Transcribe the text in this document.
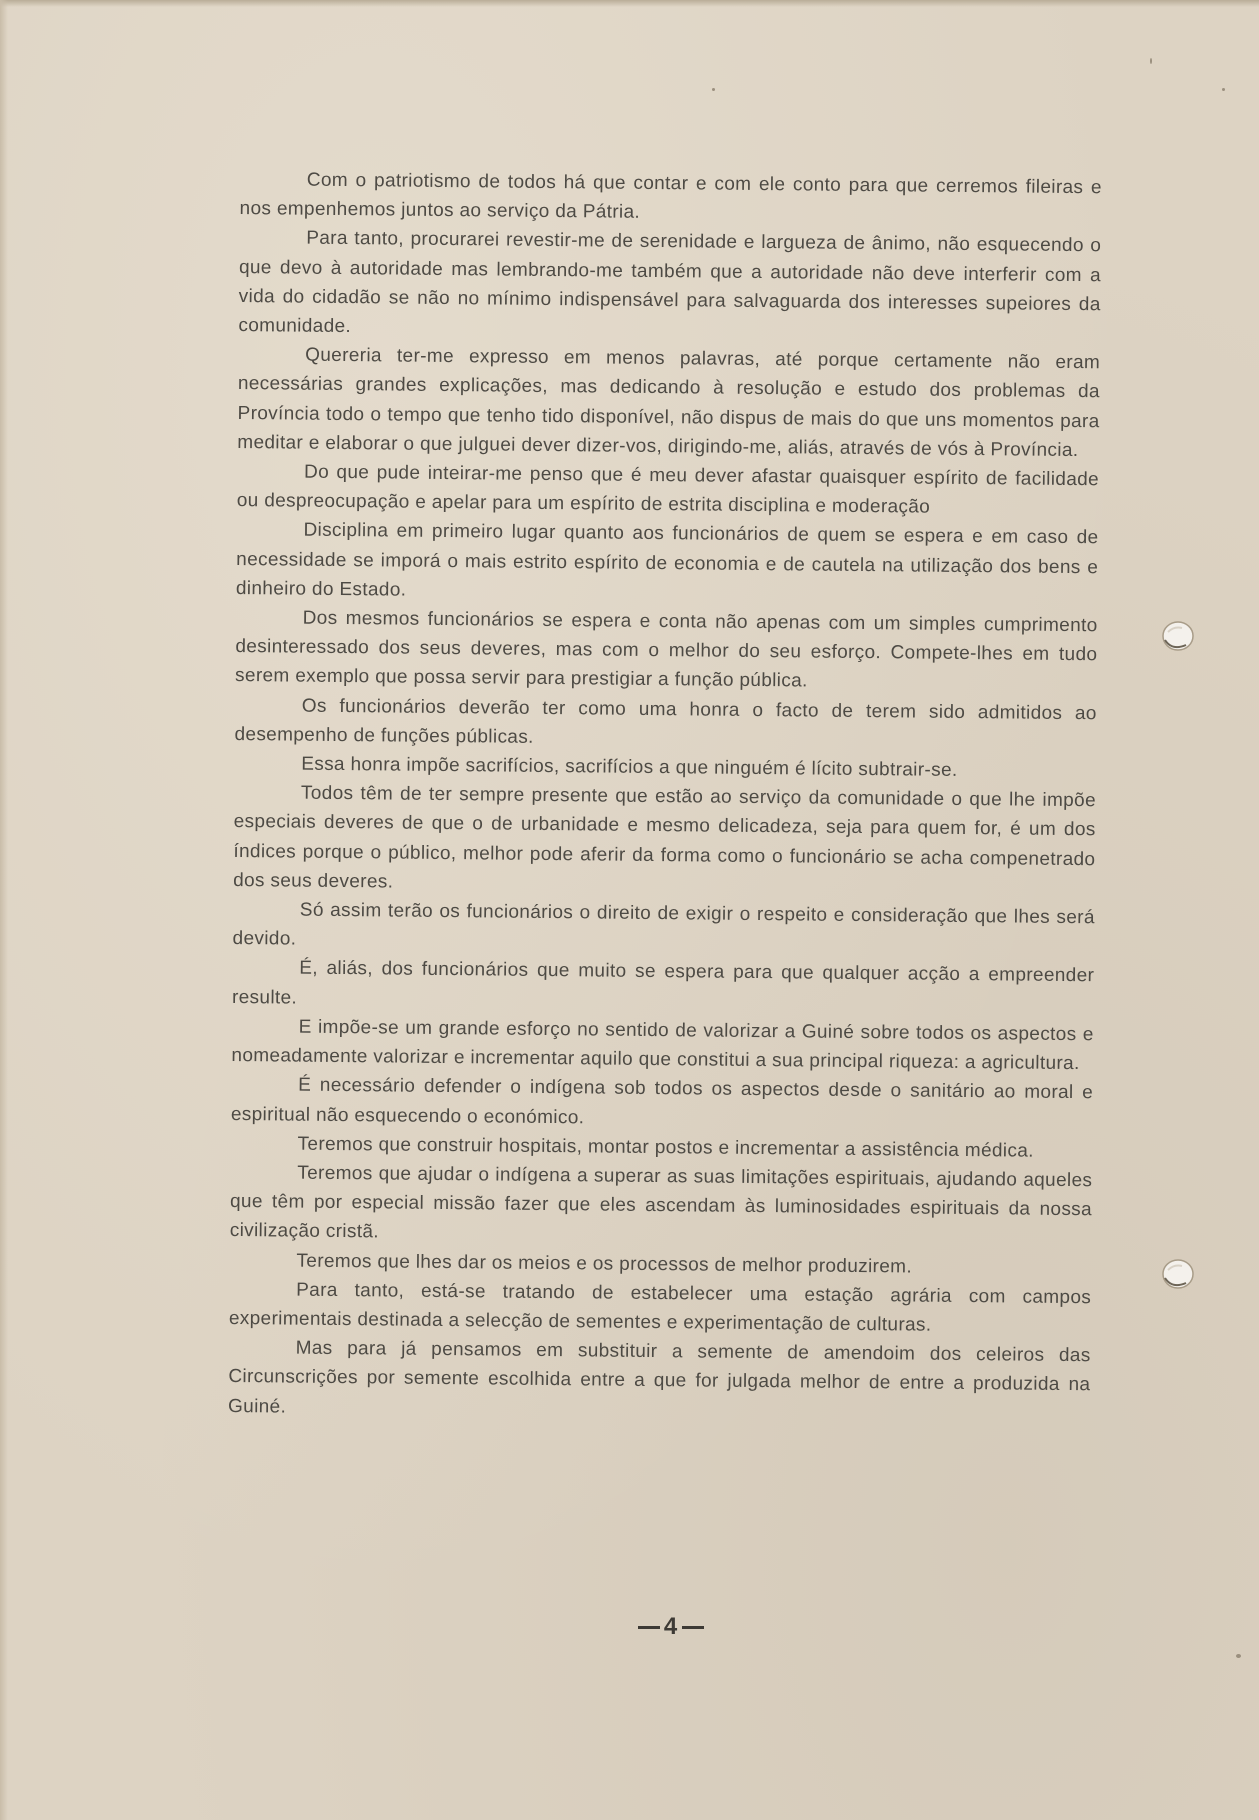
Com o patriotismo de todos há que contar e com ele conto para que cerremos fileiras e nos empenhemos juntos ao serviço da Pátria.

Para tanto, procurarei revestir-me de serenidade e largueza de ânimo, não esquecendo o que devo à autoridade mas lembrando-me também que a autoridade não deve interferir com a vida do cidadão se não no mínimo indispensável para salvaguarda dos interesses supeiores da comunidade.

Quereria ter-me expresso em menos palavras, até porque certamente não eram necessárias grandes explicações, mas dedicando à resolução e estudo dos problemas da Província todo o tempo que tenho tido disponível, não dispus de mais do que uns momentos para meditar e elaborar o que julguei dever dizer-vos, dirigindo-me, aliás, através de vós à Província.

Do que pude inteirar-me penso que é meu dever afastar quaisquer espírito de facilidade ou despreocupação e apelar para um espírito de estrita disciplina e moderação

Disciplina em primeiro lugar quanto aos funcionários de quem se espera e em caso de necessidade se imporá o mais estrito espírito de economia e de cautela na utilização dos bens e dinheiro do Estado.

Dos mesmos funcionários se espera e conta não apenas com um simples cumprimento desinteressado dos seus deveres, mas com o melhor do seu esforço. Compete-lhes em tudo serem exemplo que possa servir para prestigiar a função pública.

Os funcionários deverão ter como uma honra o facto de terem sido admitidos ao desempenho de funções públicas.

Essa honra impõe sacrifícios, sacrifícios a que ninguém é lícito subtrair-se.

Todos têm de ter sempre presente que estão ao serviço da comunidade o que lhe impõe especiais deveres de que o de urbanidade e mesmo delicadeza, seja para quem for, é um dos índices porque o público, melhor pode aferir da forma como o funcionário se acha compenetrado dos seus deveres.

Só assim terão os funcionários o direito de exigir o respeito e consideração que lhes será devido.

É, aliás, dos funcionários que muito se espera para que qualquer acção a empreender resulte.

E impõe-se um grande esforço no sentido de valorizar a Guiné sobre todos os aspectos e nomeadamente valorizar e incrementar aquilo que constitui a sua principal riqueza: a agricultura.

É necessário defender o indígena sob todos os aspectos desde o sanitário ao moral e espiritual não esquecendo o económico.

Teremos que construir hospitais, montar postos e incrementar a assistência médica.

Teremos que ajudar o indígena a superar as suas limitações espirituais, ajudando aqueles que têm por especial missão fazer que eles ascendam às luminosidades espirituais da nossa civilização cristã.

Teremos que lhes dar os meios e os processos de melhor produzirem.

Para tanto, está-se tratando de estabelecer uma estação agrária com campos experimentais destinada a selecção de sementes e experimentação de culturas.

Mas para já pensamos em substituir a semente de amendoim dos celeiros das Circunscrições por semente escolhida entre a que for julgada melhor de entre a produzida na Guiné.

4
